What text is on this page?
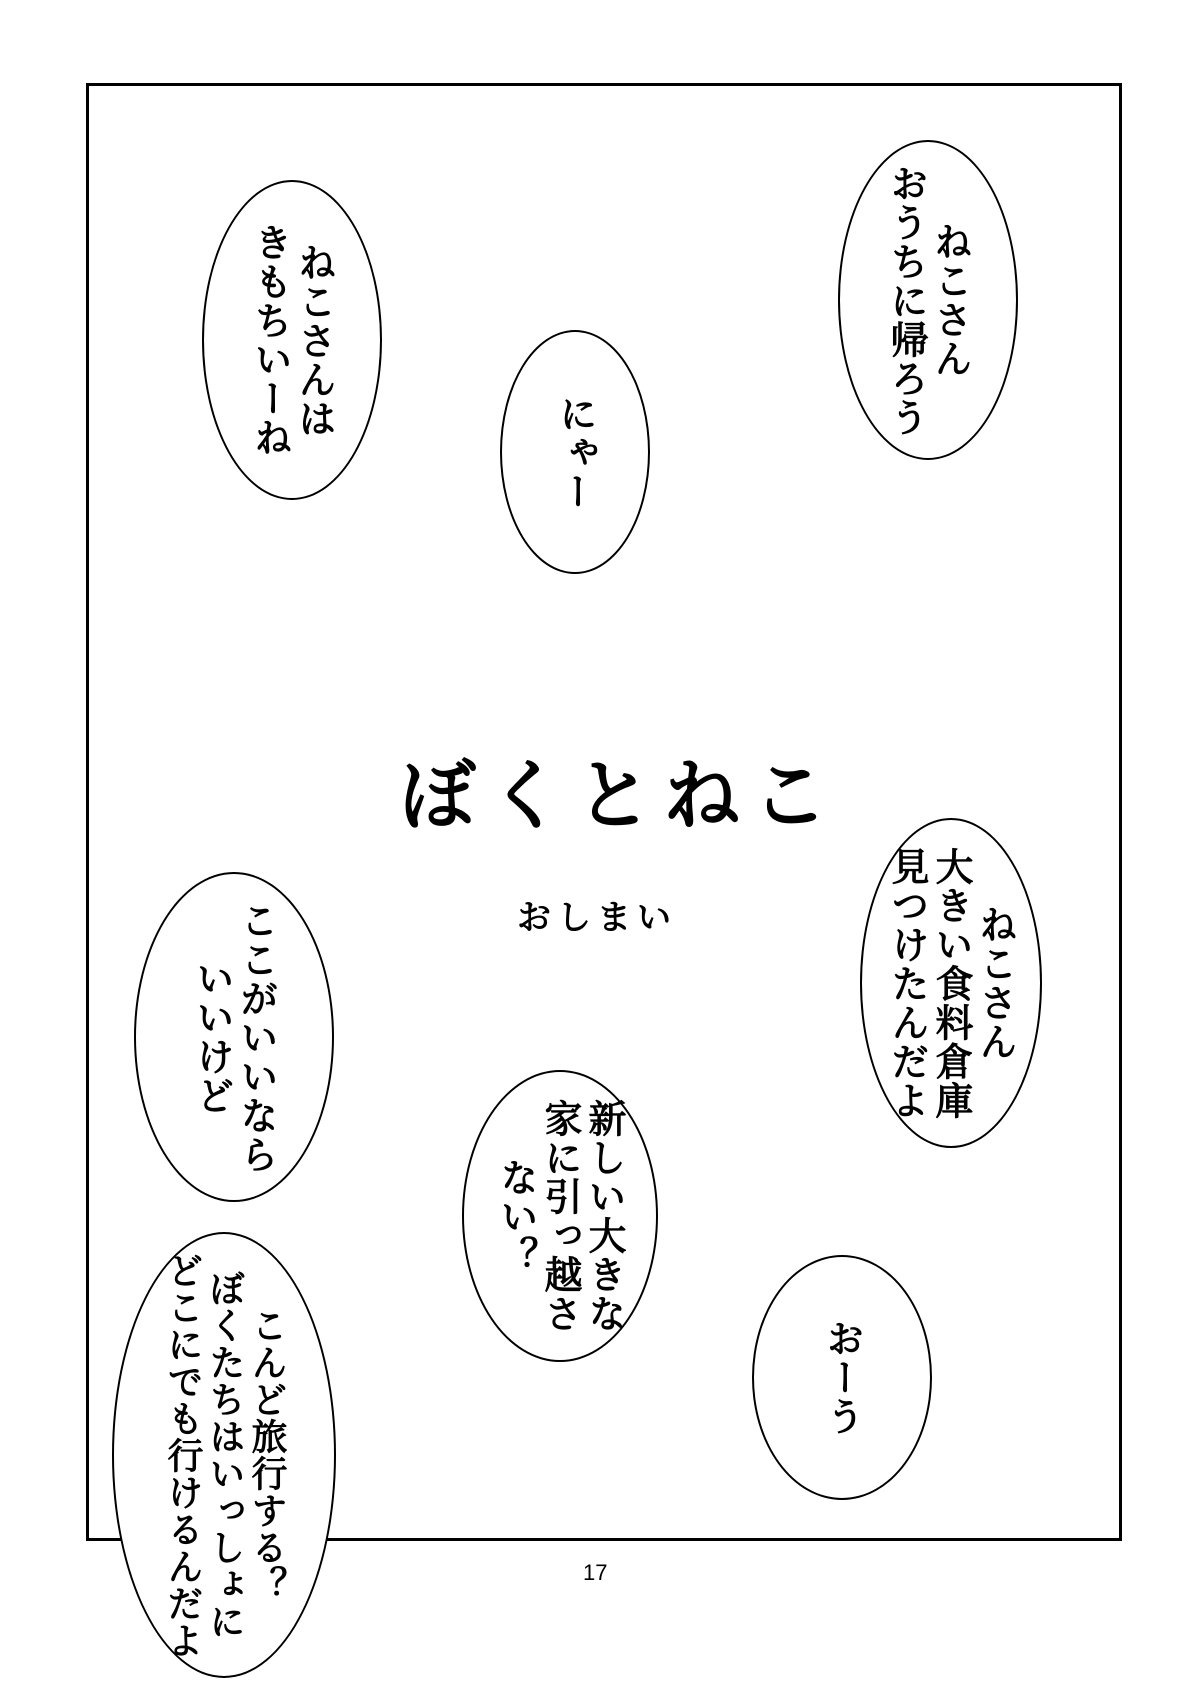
ねこさん
おうちに帰ろう
ねこさんは
きもちいーね	にゃー
ねこさん
大きい食料倉庫
見つけたんだよ
ここがいいなら
いいけど
新しい大きな
家に引っ越さ
ない？
おーう
こんど旅行する？
ぼくたちはいっしょに
どこにでも行けるんだよ
ぼくとねこ
おしまい
17
